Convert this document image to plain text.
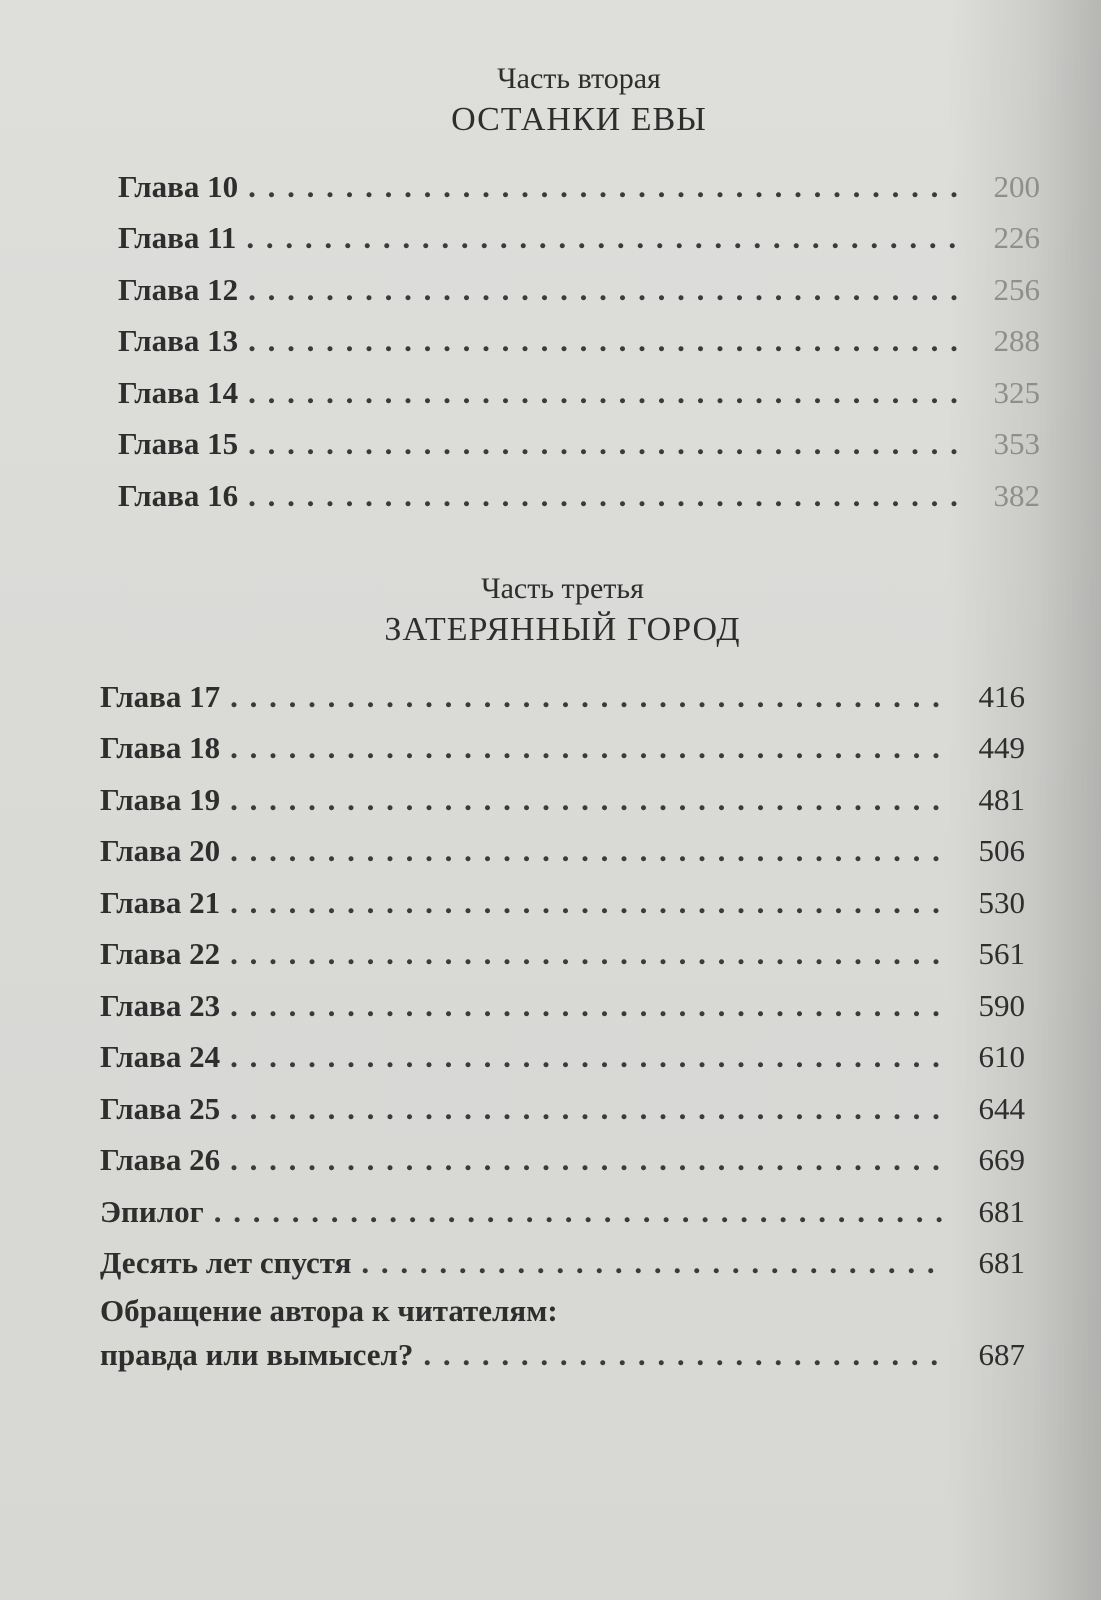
Часть вторая
ОСТАНКИ ЕВЫ
Глава 10 . . .	200
Глава 11 . . .	226
Глава 12 . . .	256
Глава 13 . . .	288
Глава 14 . . .	325
Глава 15 . . .	353
Глава 16 . . .	382
Часть третья
ЗАТЕРЯННЫЙ ГОРОД
Глава 17 . . .	416
Глава 18 . . .	449
Глава 19 . . .	481
Глава 20 . . .	506
Глава 21 . . .	530
Глава 22 . . .	561
Глава 23 . . .	590
Глава 24 . . .	610
Глава 25 . . .	644
Глава 26 . . .	669
Эпилог . . .	681
Десять лет спустя . . .	681
Обращение автора к читателям:
правда или вымысел? . . .	687
